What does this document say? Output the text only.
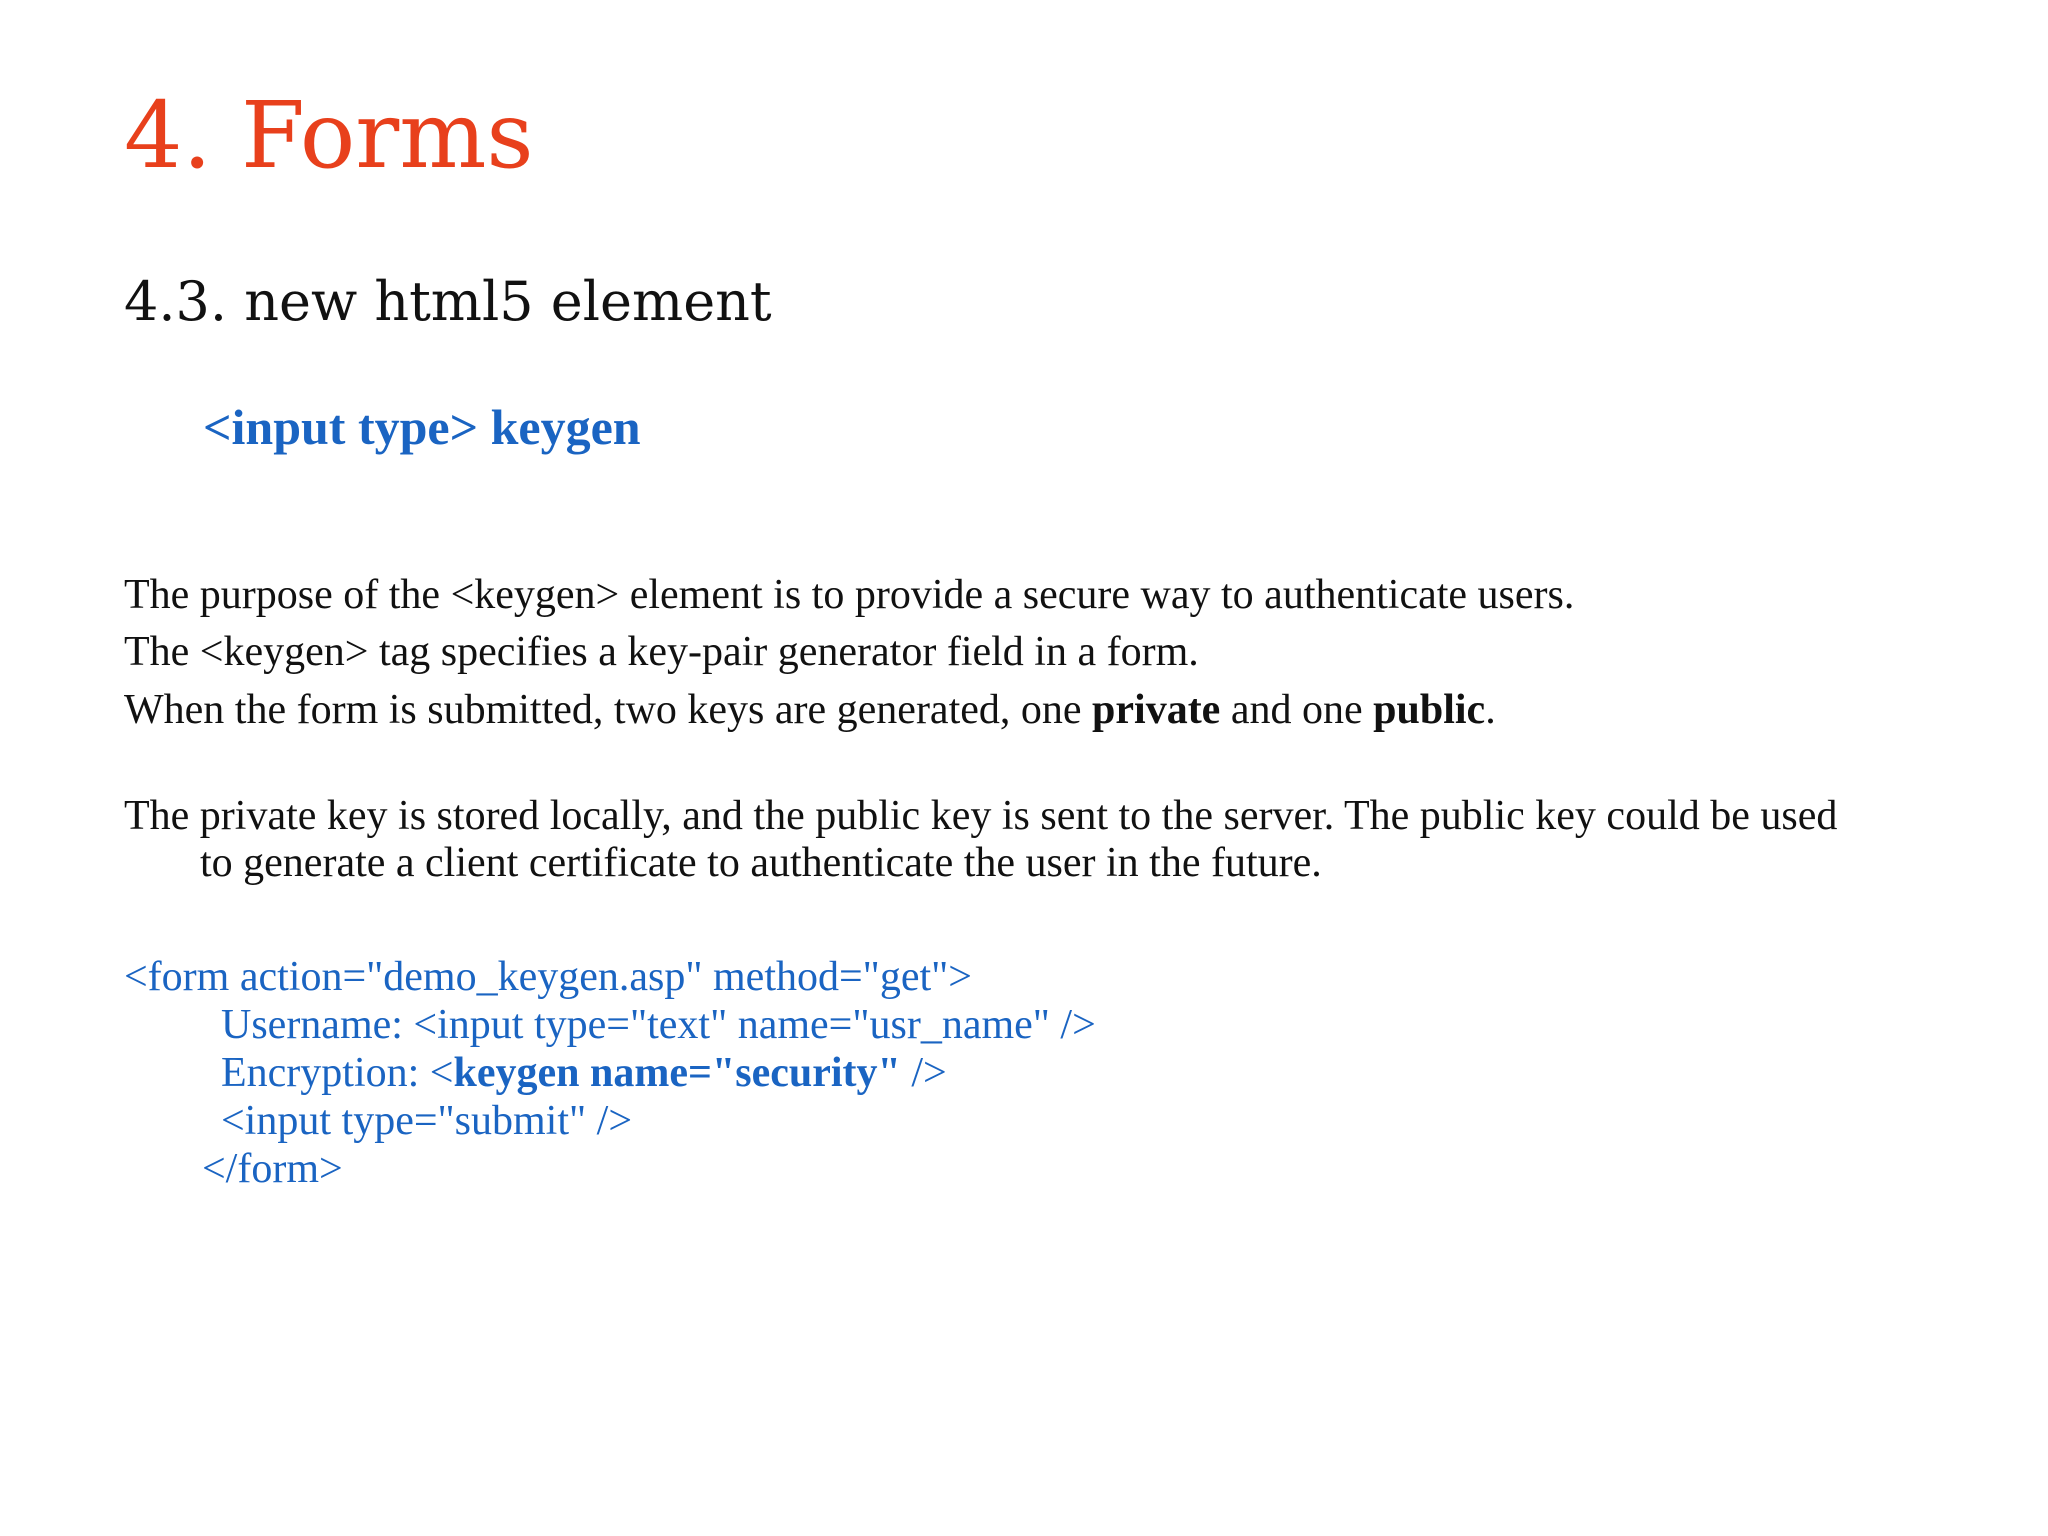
4. Forms
4.3. new html5 element
<input type> keygen
The purpose of the <keygen> element is to provide a secure way to authenticate users.
The <keygen> tag specifies a key-pair generator field in a form.
When the form is submitted, two keys are generated, one private and one public.
The private key is stored locally, and the public key is sent to the server. The public key could be used
to generate a client certificate to authenticate the user in the future.
<form action="demo_keygen.asp" method="get">
Username: <input type="text" name="usr_name" />
Encryption: <keygen name="security" />
<input type="submit" />
</form>
